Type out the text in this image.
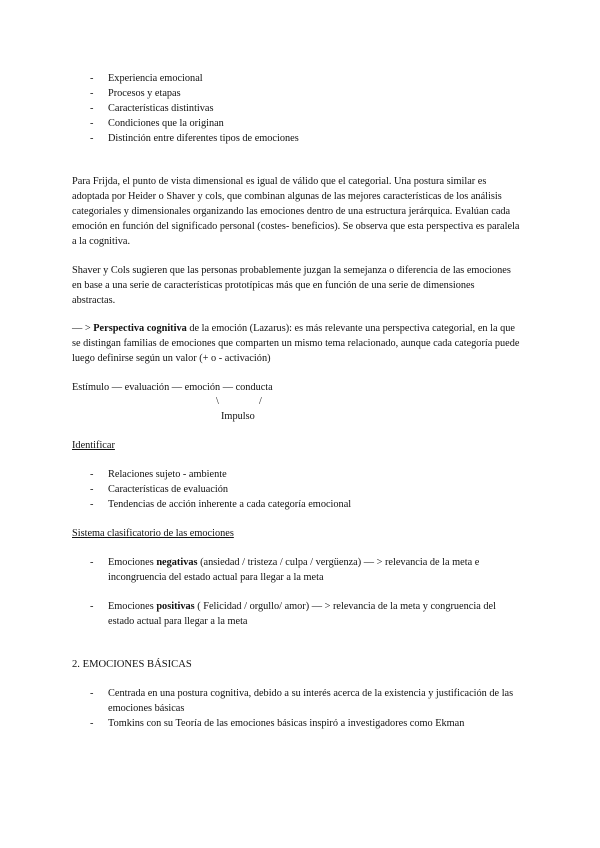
- Experiencia emocional
- Procesos y etapas
- Características distintivas
- Condiciones que la originan
- Distinción entre diferentes tipos de emociones

Para Frijda, el punto de vista dimensional es igual de válido que el categorial. Una postura similar es adoptada por Heider o Shaver y cols, que combinan algunas de las mejores características de los análisis categoriales y dimensionales organizando las emociones dentro de una estructura jerárquica. Evalúan cada emoción en función del significado personal (costes- beneficios). Se observa que esta perspectiva es paralela a la cognitiva.

Shaver y Cols sugieren que las personas probablemente juzgan la semejanza o diferencia de las emociones en base a una serie de características prototípicas más que en función de una serie de dimensiones abstractas.

— > Perspectiva cognitiva de la emoción (Lazarus): es más relevante una perspectiva categorial, en la que se distingan familias de emociones que comparten un mismo tema relacionado, aunque cada categoría puede luego definirse según un valor (+ o - activación)

Estímulo — evaluación — emoción — conducta

\	/
Impulso

Identificar

- Relaciones sujeto - ambiente
- Características de evaluación
- Tendencias de acción inherente a cada categoría emocional

Sistema clasificatorio de las emociones

- Emociones negativas (ansiedad / tristeza / culpa / vergüenza) — > relevancia de la meta e incongruencia del estado actual para llegar a la meta
- Emociones positivas ( Felicidad / orgullo/ amor) — > relevancia de la meta y congruencia del estado actual para llegar a la meta

2. EMOCIONES BÁSICAS

- Centrada en una postura cognitiva, debido a su interés acerca de la existencia y justificación de las emociones básicas
- Tomkins con su Teoría de las emociones básicas inspiró a investigadores como Ekman
